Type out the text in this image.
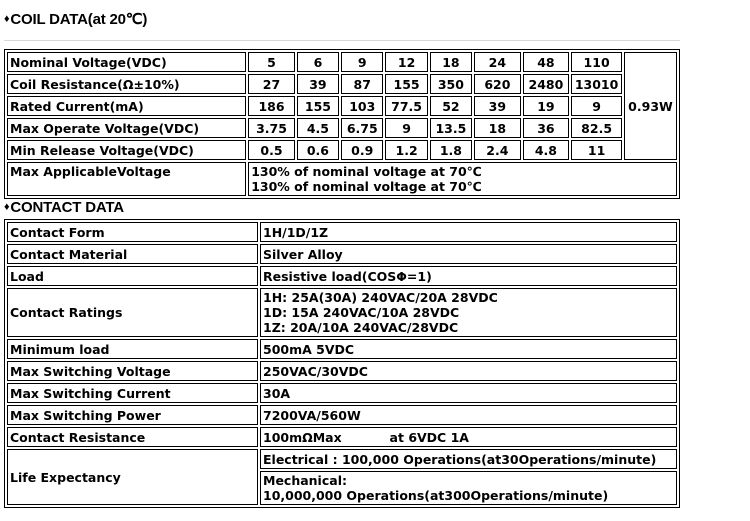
♦COIL DATA(at 20℃)
Nominal Voltage(VDC)	5	6	9	12	18	24	48	110	0.93W
Coil Resistance(Ω±10%)	27	39	87	155	350	620	2480	13010	
Rated Current(mA)	186	155	103	77.5	52	39	19	9	
Max Operate Voltage(VDC)	3.75	4.5	6.75	9	13.5	18	36	82.5	
Min Release Voltage(VDC)	0.5	0.6	0.9	1.2	1.8	2.4	4.8	11	
Max ApplicableVoltage	130% of nominal voltage at 70℃
130% of nominal voltage at 70℃								
♦CONTACT DATA
Contact Form	1H/1D/1Z

Contact Material	Silver Alloy

Load	Resistive load(COSΦ=1)

Contact Ratings	1H: 25A(30A) 240VAC/20A 28VDC
1D: 15A 240VAC/10A 28VDC
1Z: 20A/10A 240VAC/28VDC

Minimum load	500mA 5VDC

Max Switching Voltage	250VAC/30VDC

Max Switching Current	30A

Max Switching Power	7200VA/560W

Contact Resistance	100mΩMax           at 6VDC 1A

Life Expectancy	Electrical : 100,000 Operations(at30Operations/minute)

	Mechanical:
10,000,000 Operations(at300Operations/minute)
